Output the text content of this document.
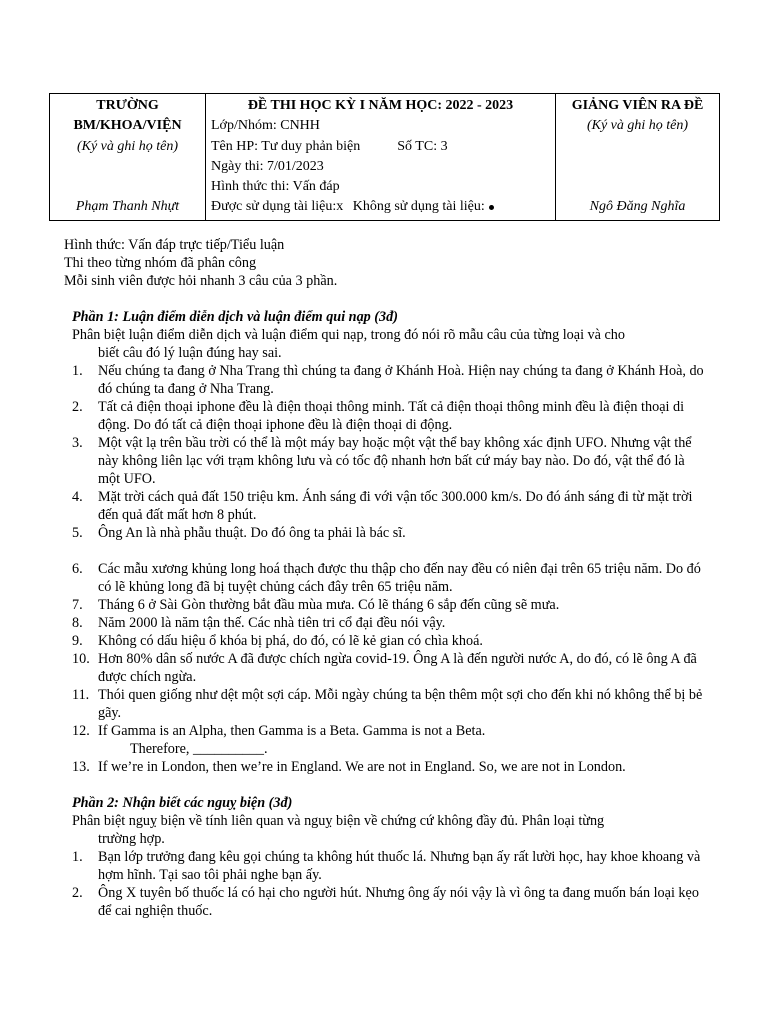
TRƯỜNG BM/KHOA/VIỆN
(Ký và ghi họ tên)
Phạm Thanh Nhựt

ĐỀ THI HỌC KỲ I NĂM HỌC: 2022 - 2023
Lớp/Nhóm: CNHH
Tên HP: Tư duy phản biện	Số TC: 3
Ngày thi: 7/01/2023
Hình thức thi: Vấn đáp
Được sử dụng tài liệu:x Không sử dụng tài liệu:

GIẢNG VIÊN RA ĐỀ
(Ký và ghi họ tên)
Ngô Đăng Nghĩa

Hình thức: Vấn đáp trực tiếp/Tiểu luận

Thi theo từng nhóm đã phân công

Mỗi sinh viên được hỏi nhanh 3 câu của 3 phần.

Phần 1: Luận điểm diễn dịch và luận điểm qui nạp (3đ)

Phân biệt luận điểm diễn dịch và luận điểm qui nạp, trong đó nói rõ mẫu câu của từng loại và cho
biết câu đó lý luận đúng hay sai.

1. Nếu chúng ta đang ở Nha Trang thì chúng ta đang ở Khánh Hoà. Hiện nay chúng ta đang ở Khánh Hoà, do đó chúng ta đang ở Nha Trang.
2. Tất cả điện thoại iphone đều là điện thoại thông minh. Tất cả điện thoại thông minh đều là điện thoại di động. Do đó tất cả điện thoại iphone đều là điện thoại di động.
3. Một vật lạ trên bầu trời có thể là một máy bay hoặc một vật thể bay không xác định UFO. Nhưng vật thể này không liên lạc với trạm không lưu và có tốc độ nhanh hơn bất cứ máy bay nào. Do đó, vật thể đó là một UFO.
4. Mặt trời cách quả đất 150 triệu km. Ánh sáng đi với vận tốc 300.000 km/s. Do đó ánh sáng đi từ mặt trời đến quả đất mất hơn 8 phút.
5. Ông An là nhà phẫu thuật. Do đó ông ta phải là bác sĩ.
6. Các mẫu xương khủng long hoá thạch được thu thập cho đến nay đều có niên đại trên 65 triệu năm. Do đó có lẽ khủng long đã bị tuyệt chủng cách đây trên 65 triệu năm.
7. Tháng 6 ở Sài Gòn thường bắt đầu mùa mưa. Có lẽ tháng 6 sắp đến cũng sẽ mưa.
8. Năm 2000 là năm tận thế. Các nhà tiên tri cổ đại đều nói vậy.
9. Không có dấu hiệu ổ khóa bị phá, do đó, có lẽ kẻ gian có chìa khoá.
10. Hơn 80% dân số nước A đã được chích ngừa covid-19. Ông A là đến người nước A, do đó, có lẽ ông A đã được chích ngừa.
11. Thói quen giống như dệt một sợi cáp. Mỗi ngày chúng ta bện thêm một sợi cho đến khi nó không thể bị bẻ gãy.
12. If Gamma is an Alpha, then Gamma is a Beta. Gamma is not a Beta.
Therefore, __________.
13. If we’re in London, then we’re in England. We are not in England. So, we are not in London.

Phần 2: Nhận biết các nguỵ biện (3đ)

Phân biệt nguỵ biện về tính liên quan và nguỵ biện về chứng cứ không đầy đủ. Phân loại từng
trường hợp.

1. Bạn lớp trưởng đang kêu gọi chúng ta không hút thuốc lá. Nhưng bạn ấy rất lười học, hay khoe khoang và hợm hĩnh. Tại sao tôi phải nghe bạn ấy.
2. Ông X tuyên bố thuốc lá có hại cho người hút. Nhưng ông ấy nói vậy là vì ông ta đang muốn bán loại kẹo để cai nghiện thuốc.
